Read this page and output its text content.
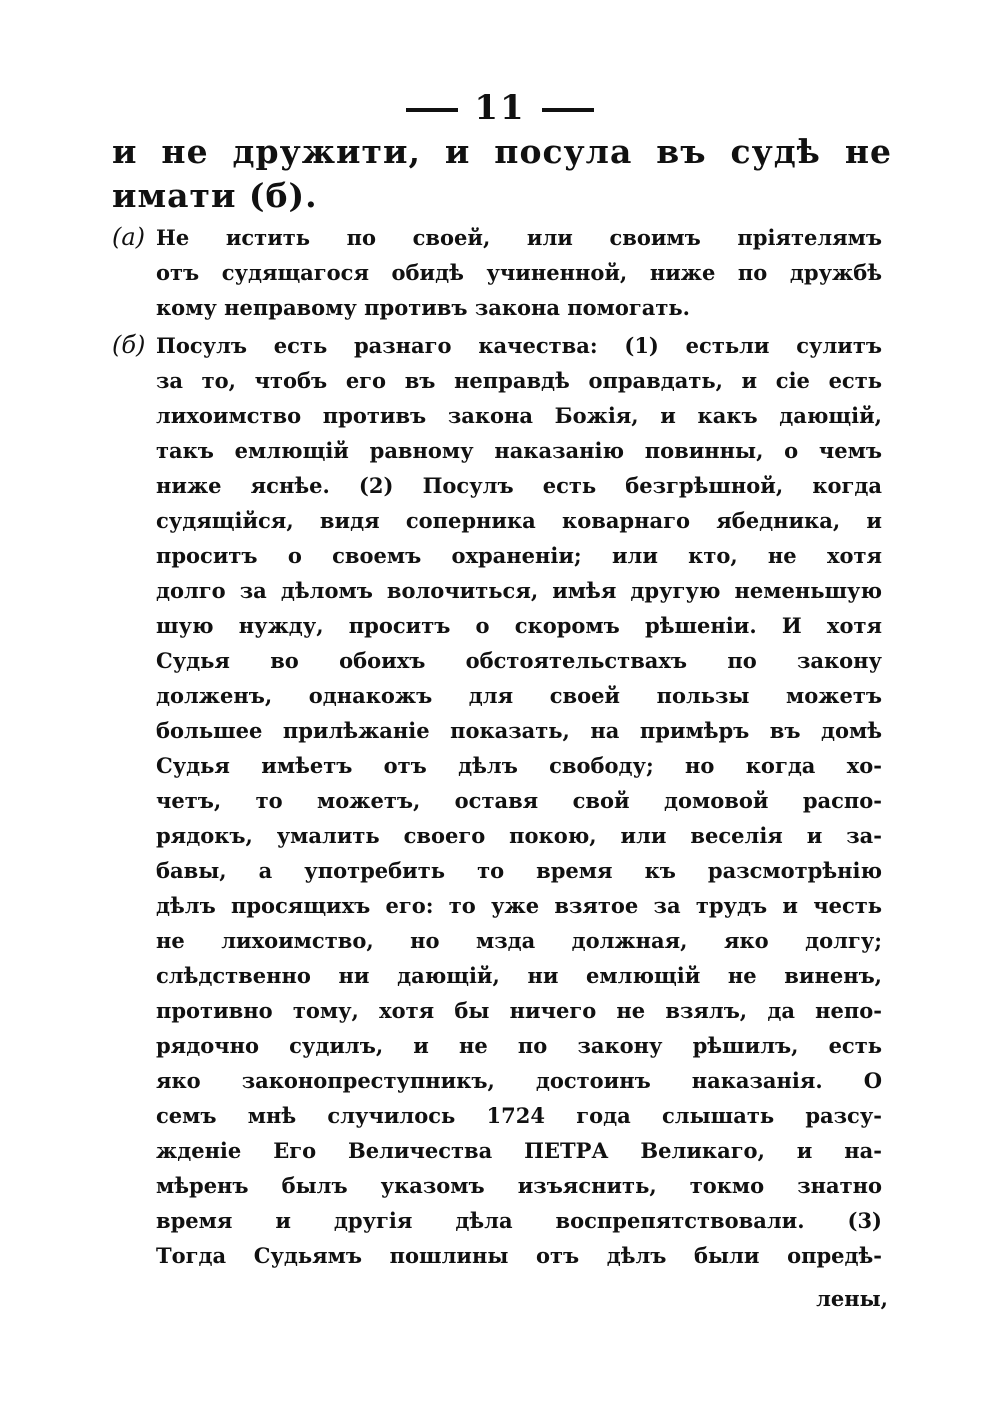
11
и не дружити, и посула въ судѣ не
имати (б).
(а) Не истить по своей, или своимъ пріятелямъ
отъ судящагося обидѣ учиненной, ниже по дружбѣ
кому неправому противъ закона помогать.
(б) Посулъ есть разнаго качества: (1) естьли сулитъ
за то, чтобъ его въ неправдѣ оправдать, и сіе есть
лихоимство противъ закона Божія, и какъ дающій,
такъ емлющій равному наказанію повинны, о чемъ
ниже яснѣе. (2) Посулъ есть безгрѣшной, когда
судящійся, видя соперника коварнаго ябедника, и
проситъ о своемъ охраненіи; или кто, не хотя
долго за дѣломъ волочиться, имѣя другую неменьшую
шую нужду, проситъ о скоромъ рѣшеніи. И хотя
Судья во обоихъ обстоятельствахъ по закону
долженъ, однакожъ для своей пользы можетъ
большее прилѣжаніе показать, на примѣръ въ домѣ
Судья имѣетъ отъ дѣлъ свободу; но когда хо-
четъ, то можетъ, оставя свой домовой распо-
рядокъ, умалить своего покою, или веселія и за-
бавы, а употребить то время къ разсмотрѣнію
дѣлъ просящихъ его: то уже взятое за трудъ и честь
не лихоимство, но мзда должная, яко долгу;
слѣдственно ни дающій, ни емлющій не виненъ,
противно тому, хотя бы ничего не взялъ, да непо-
рядочно судилъ, и не по закону рѣшилъ, есть
яко законопреступникъ, достоинъ наказанія. О
семъ мнѣ случилось 1724 года слышать разсу-
жденіе Его Величества ПЕТРА Великаго, и на-
мѣренъ былъ указомъ изъяснить, токмо знатно
время и другія дѣла воспрепятствовали. (3)
Тогда Судьямъ пошлины отъ дѣлъ были опредѣ-
лены,
